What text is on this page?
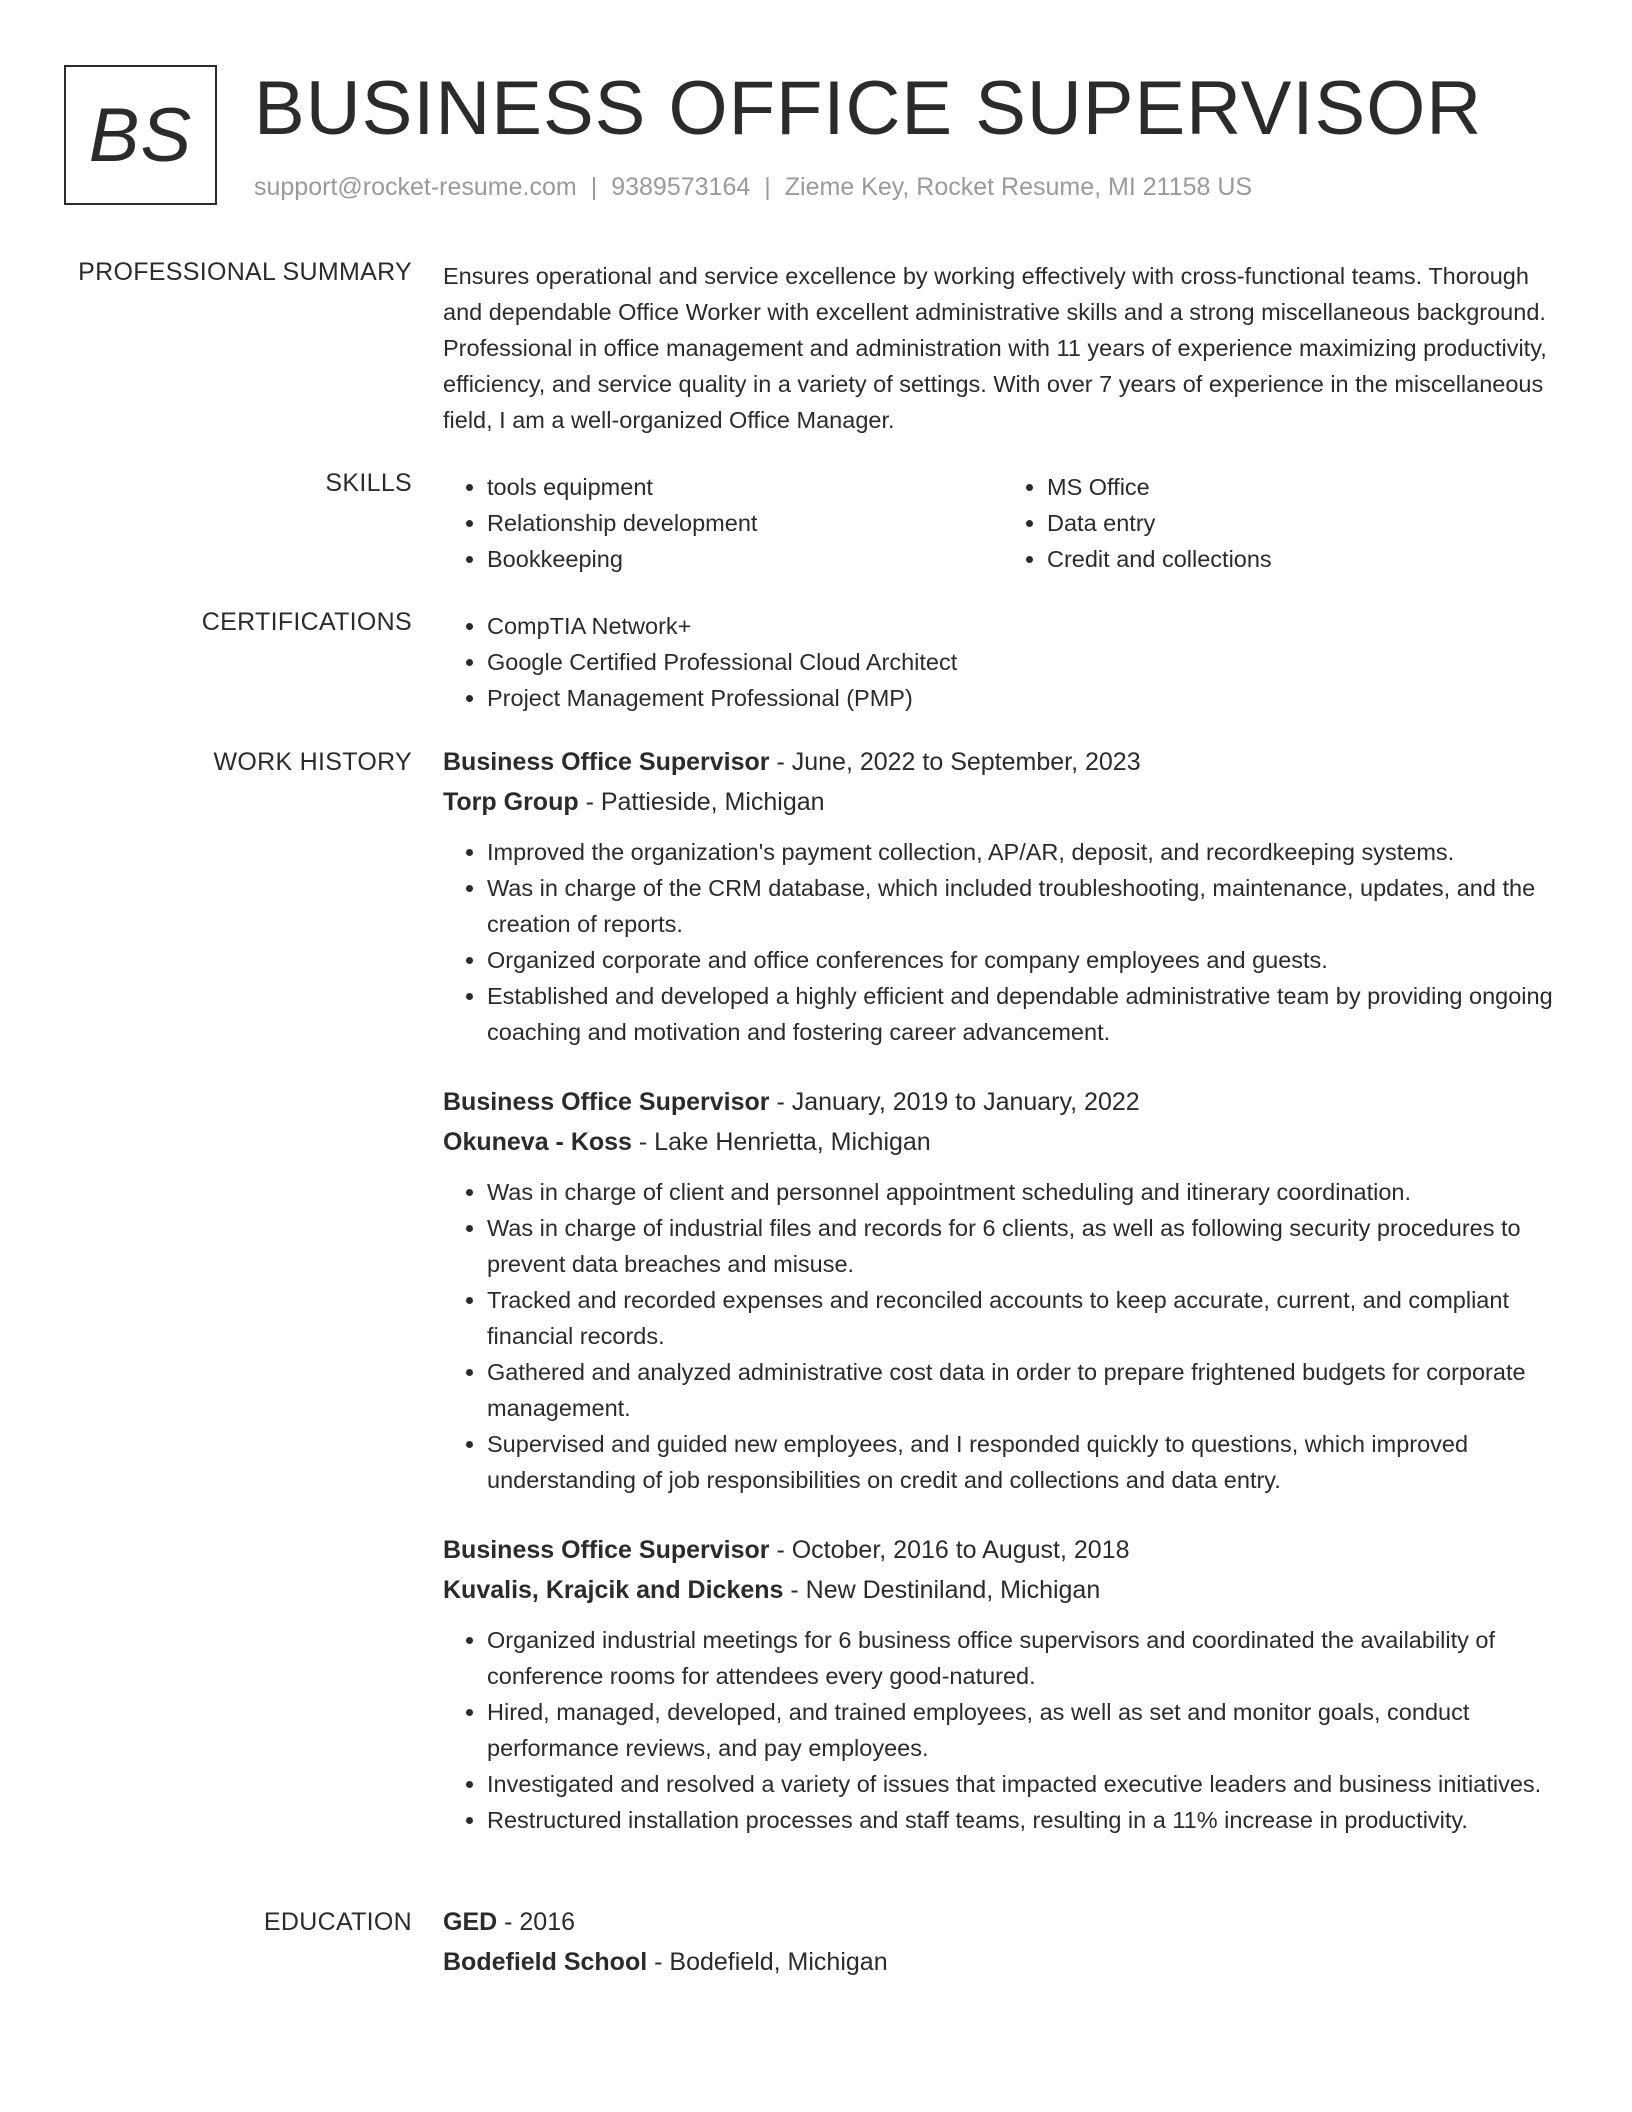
BS BUSINESS OFFICE SUPERVISOR
support@rocket-resume.com | 9389573164 | Zieme Key, Rocket Resume, MI 21158 US
PROFESSIONAL SUMMARY Ensures operational and service excellence by working effectively with cross-functional teams. Thorough and dependable Office Worker with excellent administrative skills and a strong miscellaneous background. Professional in office management and administration with 11 years of experience maximizing productivity, efficiency, and service quality in a variety of settings. With over 7 years of experience in the miscellaneous field, I am a well-organized Office Manager.

SKILLS	• tools equipment
• Relationship development
• Bookkeeping
• MS Office
• Data entry
• Credit and collections
CERTIFICATIONS	• CompTIA Network+
• Google Certified Professional Cloud Architect
• Project Management Professional (PMP)
WORK HISTORY Business Office Supervisor - June, 2022 to September, 2023
Torp Group - Pattieside, Michigan
• Improved the organization's payment collection, AP/AR, deposit, and recordkeeping systems.
• Was in charge of the CRM database, which included troubleshooting, maintenance, updates, and the creation of reports.
• Organized corporate and office conferences for company employees and guests.
• Established and developed a highly efficient and dependable administrative team by providing ongoing coaching and motivation and fostering career advancement.
Business Office Supervisor - January, 2019 to January, 2022
Okuneva - Koss - Lake Henrietta, Michigan
• Was in charge of client and personnel appointment scheduling and itinerary coordination.
• Was in charge of industrial files and records for 6 clients, as well as following security procedures to prevent data breaches and misuse.
• Tracked and recorded expenses and reconciled accounts to keep accurate, current, and compliant financial records.
• Gathered and analyzed administrative cost data in order to prepare frightened budgets for corporate management.
• Supervised and guided new employees, and I responded quickly to questions, which improved understanding of job responsibilities on credit and collections and data entry.
Business Office Supervisor - October, 2016 to August, 2018
Kuvalis, Krajcik and Dickens - New Destiniland, Michigan
• Organized industrial meetings for 6 business office supervisors and coordinated the availability of conference rooms for attendees every good-natured.
• Hired, managed, developed, and trained employees, as well as set and monitor goals, conduct performance reviews, and pay employees.
• Investigated and resolved a variety of issues that impacted executive leaders and business initiatives.
• Restructured installation processes and staff teams, resulting in a 11% increase in productivity.
EDUCATION GED - 2016
Bodefield School - Bodefield, Michigan
